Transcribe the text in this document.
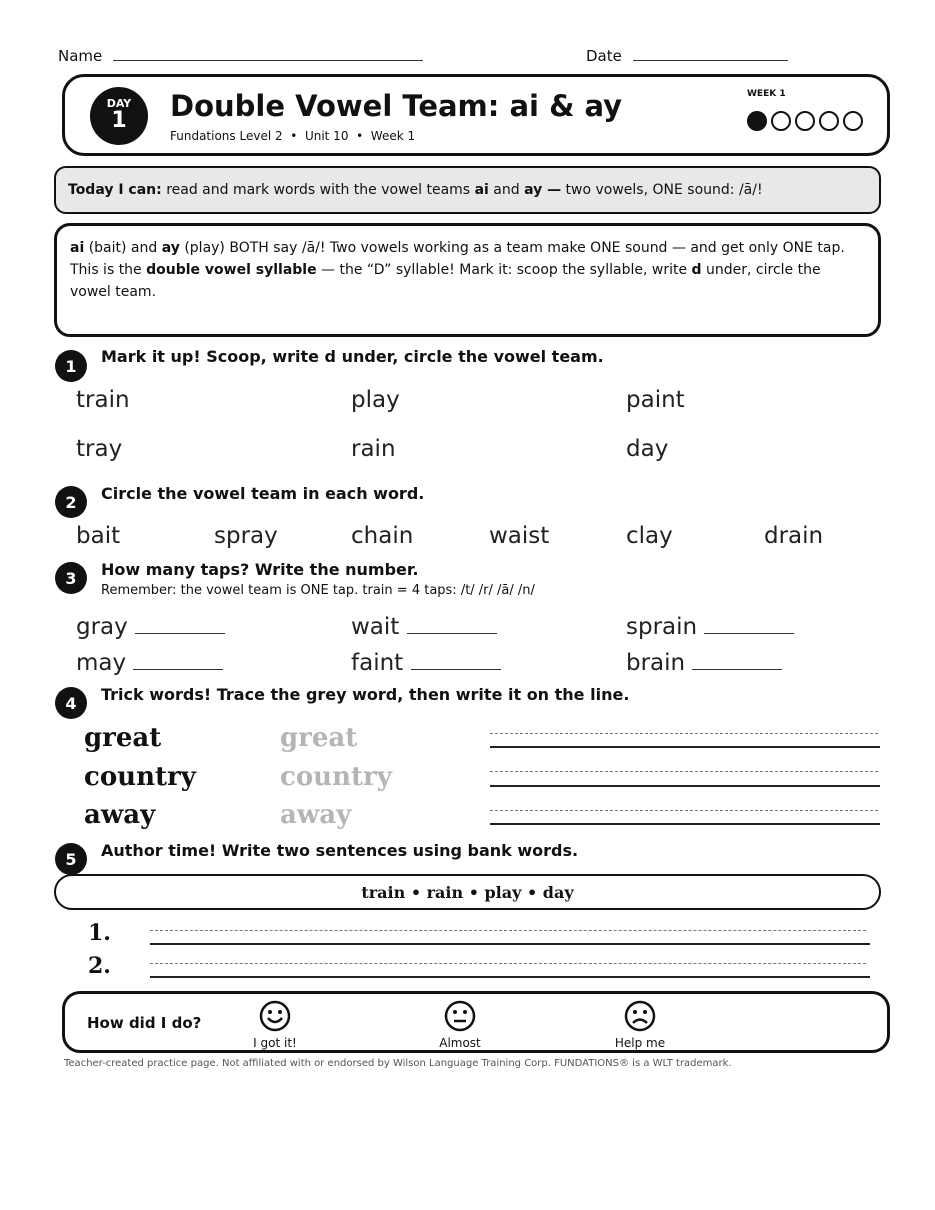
Name	Date
DAY
1	Double Vowel Team: ai & ay
Fundations Level 2  •  Unit 10  •  Week 1
WEEK 1
Today I can: read and mark words with the vowel teams ai and ay — two vowels, ONE sound: /ā/!
ai (bait) and ay (play) BOTH say /ā/! Two vowels working as a team make ONE sound — and get only ONE tap.
This is the double vowel syllable — the “D” syllable! Mark it: scoop the syllable, write d under, circle the vowel team.
1	Mark it up! Scoop, write d under, circle the vowel team.
train	play	paint
tray	rain	day
2	Circle the vowel team in each word.
bait	spray	chain	waist	clay	drain
3	How many taps? Write the number.
Remember: the vowel team is ONE tap. train = 4 taps: /t/ /r/ /ā/ /n/
gray	wait	sprain
may	faint	brain
4	Trick words! Trace the grey word, then write it on the line.
great	great
country	country
away	away
5	Author time! Write two sentences using bank words.
train • rain • play • day
1.
2.
How did I do?
I got it!	Almost	Help me
Teacher-created practice page. Not affiliated with or endorsed by Wilson Language Training Corp. FUNDATIONS® is a WLT trademark.
